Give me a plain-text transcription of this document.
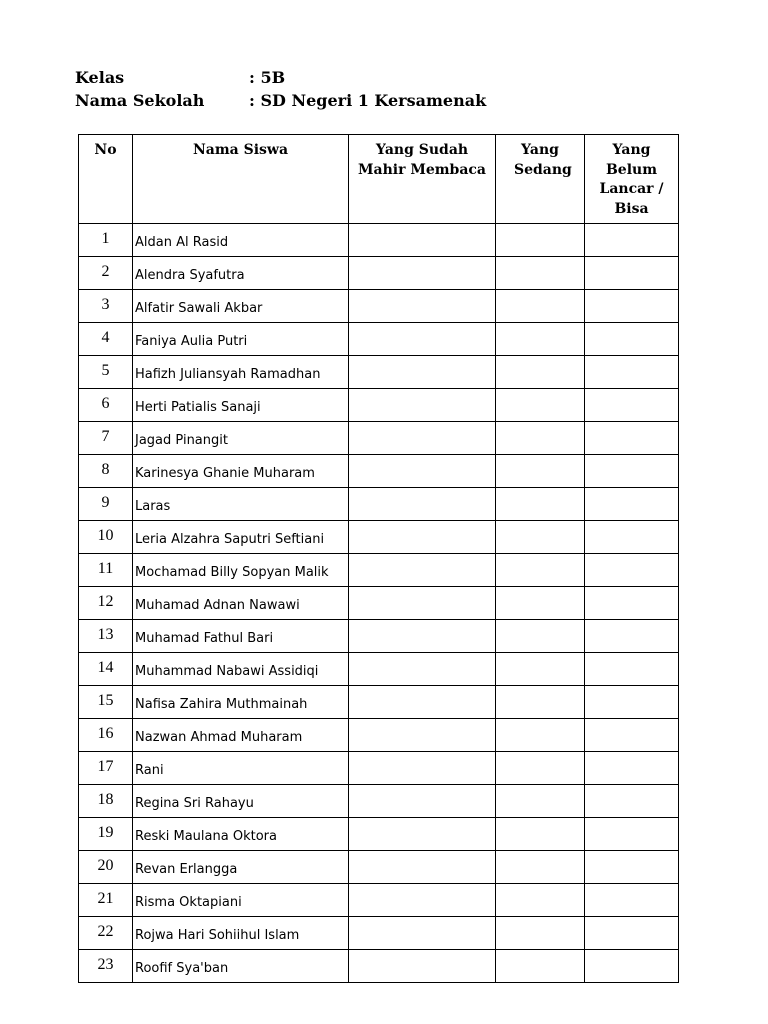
Kelas	: 5B
Nama Sekolah	: SD Negeri 1 Kersamenak
No	Nama Siswa	Yang Sudah Mahir Membaca	Yang Sedang	Yang Belum Lancar / Bisa
1	Aldan Al Rasid			
2	Alendra Syafutra			
3	Alfatir Sawali Akbar			
4	Faniya Aulia Putri			
5	Hafizh Juliansyah Ramadhan			
6	Herti Patialis Sanaji			
7	Jagad Pinangit			
8	Karinesya Ghanie Muharam			
9	Laras			
10	Leria Alzahra Saputri Seftiani			
11	Mochamad Billy Sopyan Malik			
12	Muhamad Adnan Nawawi			
13	Muhamad Fathul Bari			
14	Muhammad Nabawi Assidiqi			
15	Nafisa Zahira Muthmainah			
16	Nazwan Ahmad Muharam			
17	Rani			
18	Regina Sri Rahayu			
19	Reski Maulana Oktora			
20	Revan Erlangga			
21	Risma Oktapiani			
22	Rojwa Hari Sohiihul Islam			
23	Roofif Sya'ban			
